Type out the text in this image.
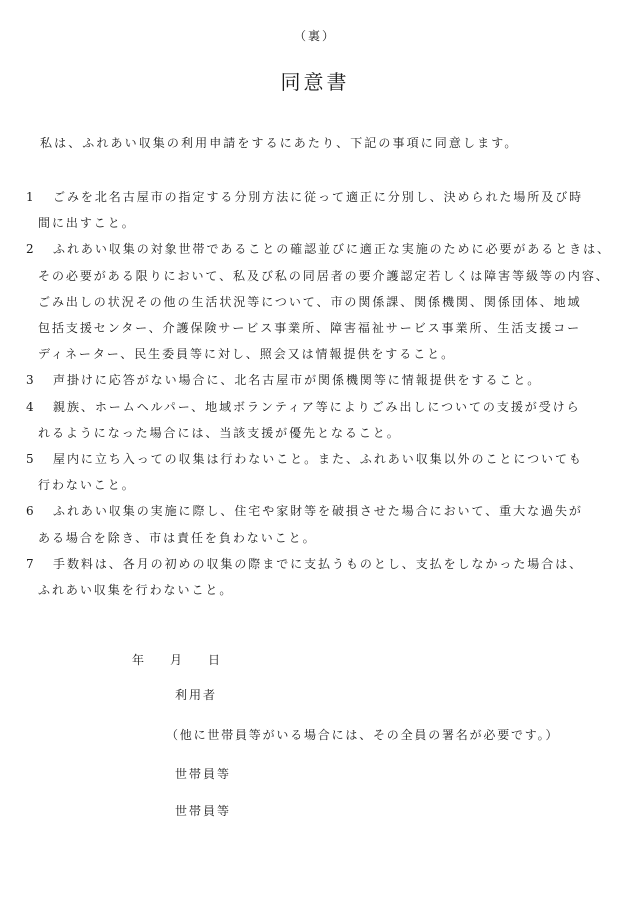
（裏）
同意書
私は、ふれあい収集の利用申請をするにあたり、下記の事項に同意します。
1	ごみを北名古屋市の指定する分別方法に従って適正に分別し、決められた場所及び時
間に出すこと。
2	ふれあい収集の対象世帯であることの確認並びに適正な実施のために必要があるときは、
その必要がある限りにおいて、私及び私の同居者の要介護認定若しくは障害等級等の内容、
ごみ出しの状況その他の生活状況等について、市の関係課、関係機関、関係団体、地域
包括支援センター、介護保険サービス事業所、障害福祉サービス事業所、生活支援コー
ディネーター、民生委員等に対し、照会又は情報提供をすること。
3	声掛けに応答がない場合に、北名古屋市が関係機関等に情報提供をすること。
4	親族、ホームヘルパー、地域ボランティア等によりごみ出しについての支援が受けら
れるようになった場合には、当該支援が優先となること。
5	屋内に立ち入っての収集は行わないこと。また、ふれあい収集以外のことについても
行わないこと。
6	ふれあい収集の実施に際し、住宅や家財等を破損させた場合において、重大な過失が
ある場合を除き、市は責任を負わないこと。
7	手数料は、各月の初めの収集の際までに支払うものとし、支払をしなかった場合は、
ふれあい収集を行わないこと。
年 月 日
利用者
（他に世帯員等がいる場合には、その全員の署名が必要です。）
世帯員等
世帯員等
